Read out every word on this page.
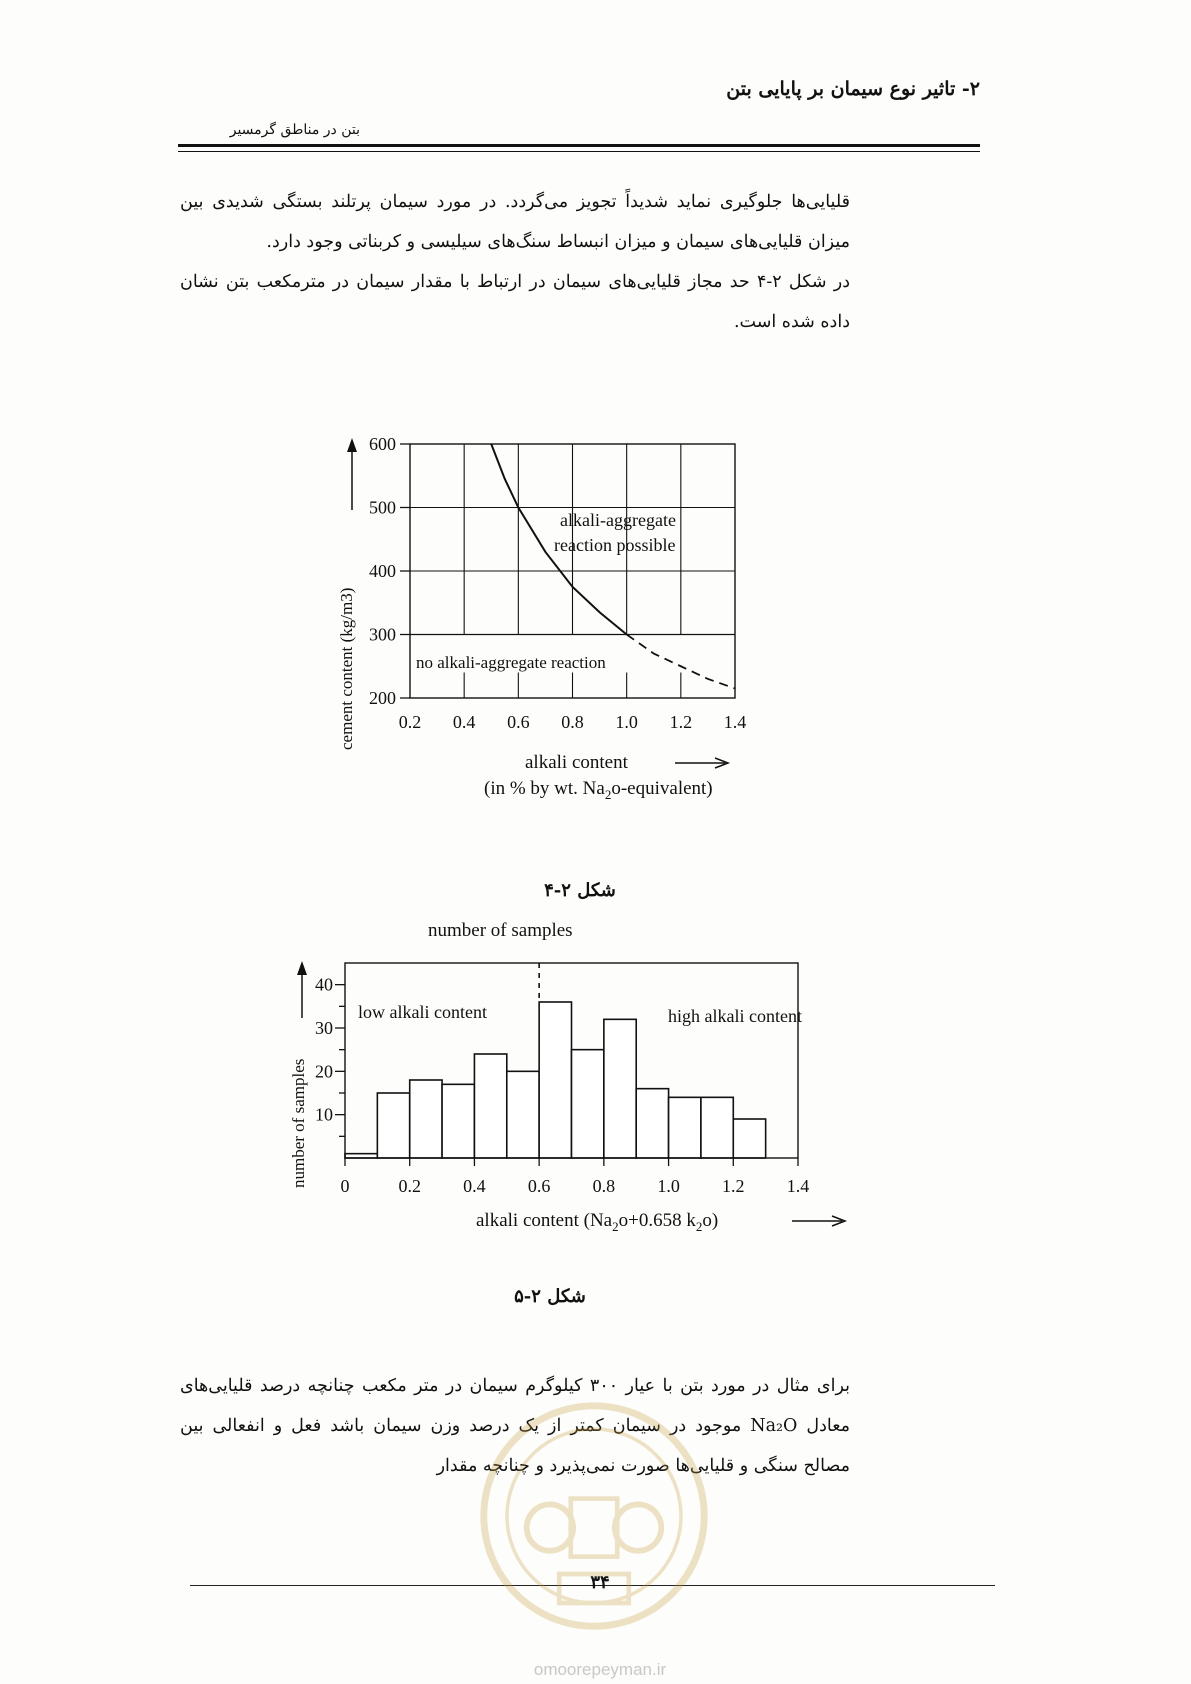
۲- تاثیر نوع سیمان بر پایایی بتن
بتن در مناطق گرمسیر

قلیایی‌ها جلوگیری نماید شدیداً تجویز می‌گردد. در مورد سیمان پرتلند بستگی شدیدی بین میزان قلیایی‌های سیمان و میزان انبساط سنگ‌های سیلیسی و کربناتی وجود دارد.

در شکل ۲-۴ حد مجاز قلیایی‌های سیمان در ارتباط با مقدار سیمان در مترمکعب بتن نشان داده شده است.

cement content (kg/m3)
600
500
400
300
200
0.2 0.4 0.6 0.8 1.0 1.2 1.4
alkali-aggregate
reaction possible
no alkali-aggregate reaction
alkali content
(in % by wt. $Na_2o-equivalent$)
شکل ۲-۴
number of samples
number of samples
40
30
20
10
0	0.2 0.4 0.6 0.8 1.0 1.2 1.4
low alkali content	high alkali content
alkali content ($Na_2o+0.658$ $k_2o$)
شکل ۲-۵

برای مثال در مورد بتن با عیار ۳۰۰ کیلوگرم سیمان در متر مکعب چنانچه درصد قلیایی‌های معادل Na₂O موجود در سیمان کمتر از یک درصد وزن سیمان باشد فعل و انفعالی بین مصالح سنگی و قلیایی‌ها صورت نمی‌پذیرد و چنانچه مقدار

۳۴
omoorepeyman.ir
